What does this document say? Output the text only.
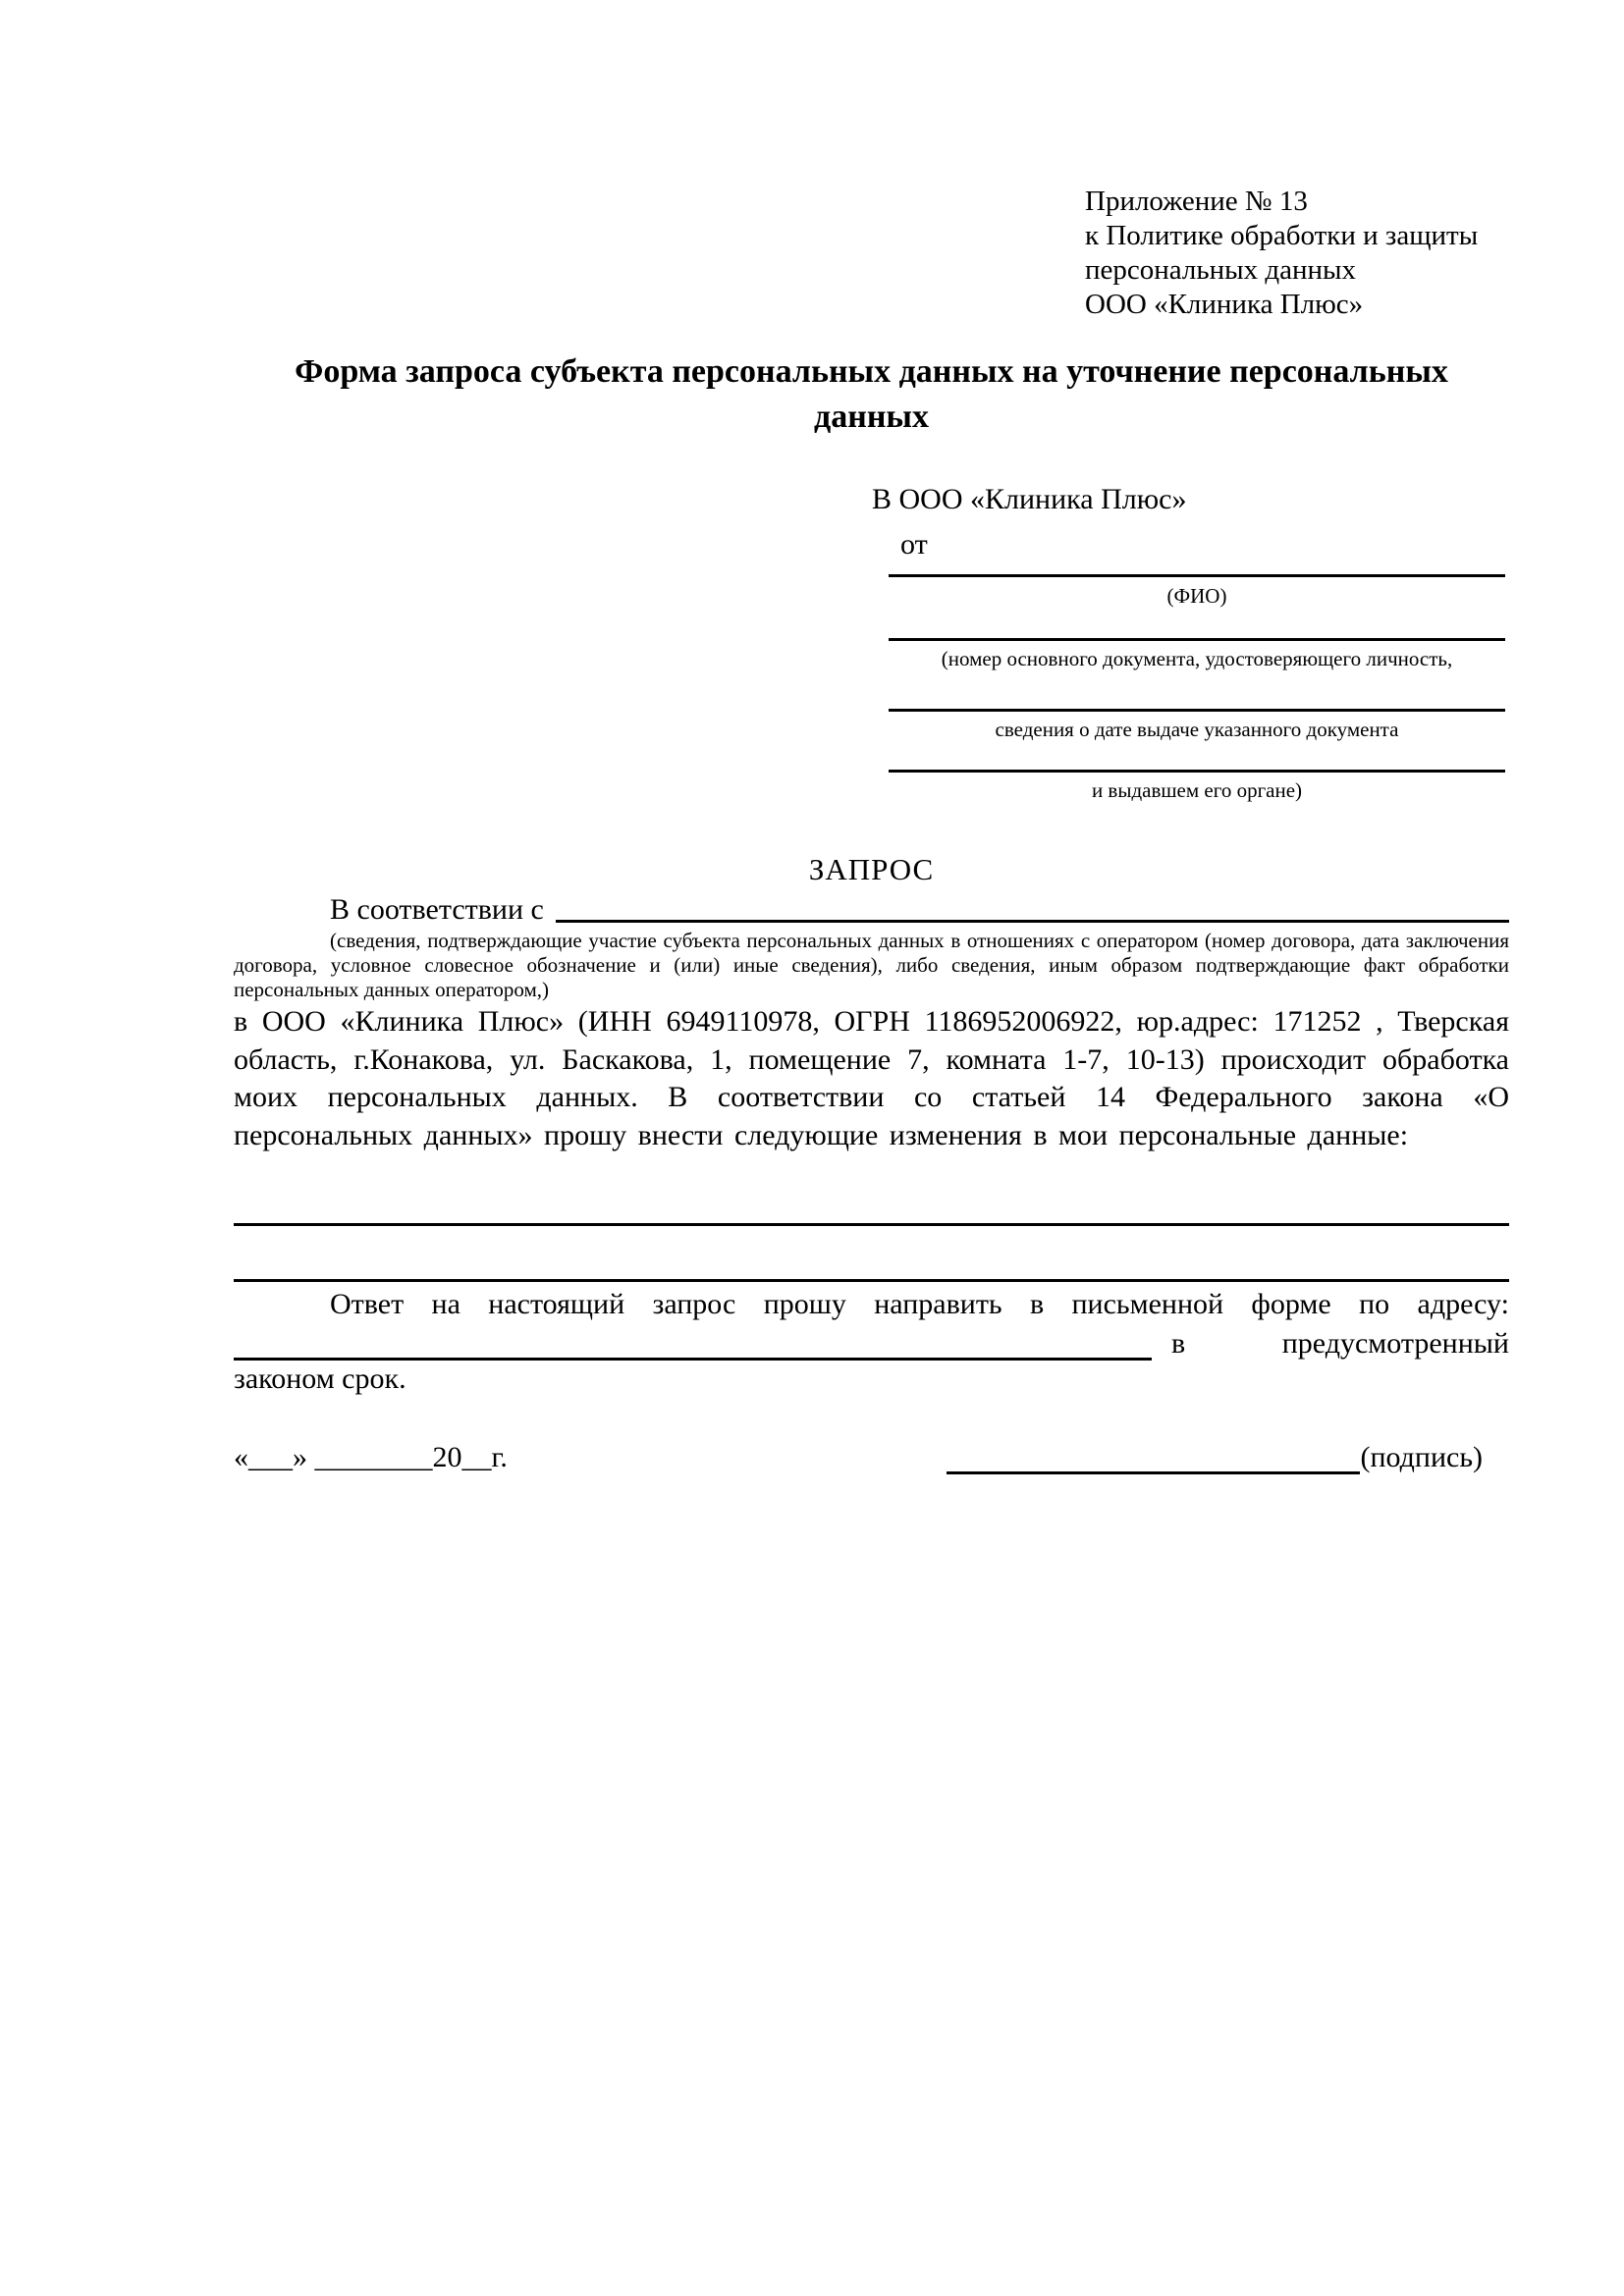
Приложение № 13
к Политике обработки и защиты
персональных данных
ООО «Клиника Плюс»
Форма запроса субъекта персональных данных на уточнение персональных данных
В ООО «Клиника Плюс»
от
(ФИО)
(номер основного документа, удостоверяющего личность,
сведения о дате выдаче указанного документа
и выдавшем его органе)
ЗАПРОС
В соответствии с
(сведения, подтверждающие участие субъекта персональных данных в отношениях с оператором (номер договора, дата заключения договора, условное словесное обозначение и (или) иные сведения), либо сведения, иным образом подтверждающие факт обработки персональных данных оператором,)
в ООО «Клиника Плюс» (ИНН 6949110978, ОГРН 1186952006922, юр.адрес: 171252 , Тверская область, г.Конакова, ул. Баскакова, 1, помещение 7, комната 1-7, 10-13) происходит обработка моих персональных данных. В соответствии со статьей 14 Федерального закона «О персональных данных» прошу внести следующие изменения в мои персональные данные:
Ответ на настоящий запрос прошу направить в письменной форме по адресу:
в	предусмотренный
законом срок.
«___» ________20__г.	(подпись)
